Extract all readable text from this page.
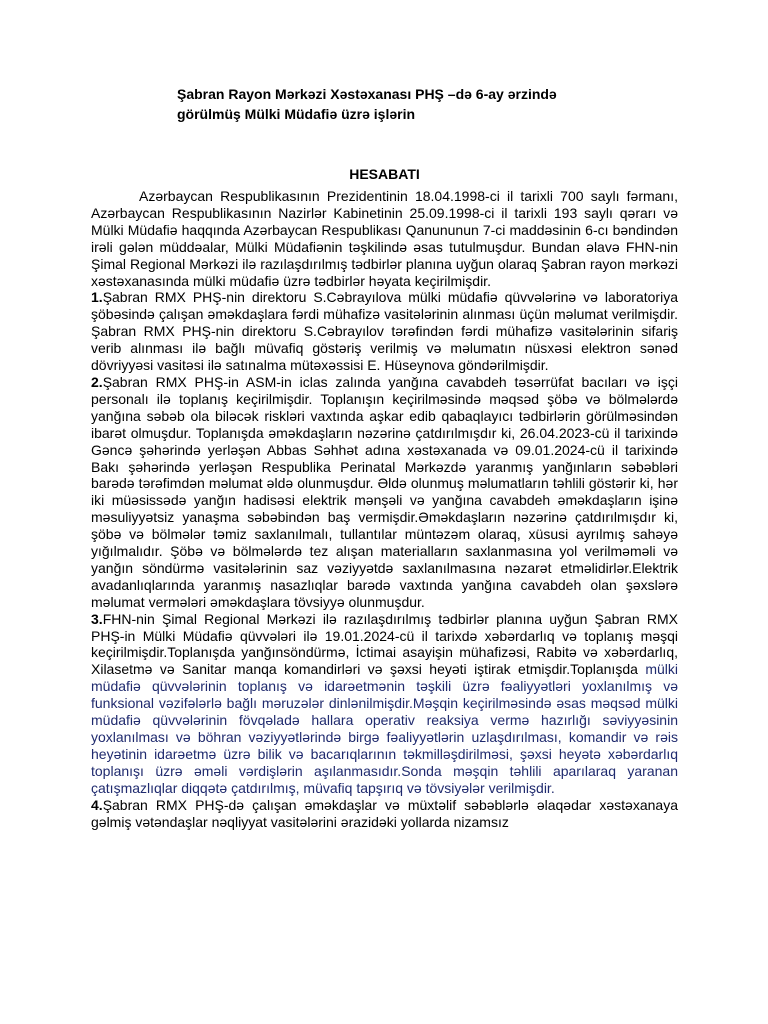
Şabran Rayon Mərkəzi Xəstəxanası PHŞ –də 6-ay ərzində
görülmüş Mülki Müdafiə üzrə işlərin
HESABATI

Azərbaycan Respublikasının Prezidentinin 18.04.1998-ci il tarixli 700 saylı fərmanı, Azərbaycan Respublikasının Nazirlər Kabinetinin 25.09.1998-ci il tarixli 193 saylı qərarı və Mülki Müdafiə haqqında Azərbaycan Respublikası Qanununun 7-ci maddəsinin 6-cı bəndindən irəli gələn müddəalar, Mülki Müdafiənin təşkilində əsas tutulmuşdur. Bundan əlavə FHN-nin Şimal Regional Mərkəzi ilə razılaşdırılmış tədbirlər planına uyğun olaraq Şabran rayon mərkəzi xəstəxanasında mülki müdafiə üzrə tədbirlər həyata keçirilmişdir.

1.Şabran RMX PHŞ-nin direktoru S.Cəbrayılova mülki müdafiə qüvvələrinə və laboratoriya şöbəsində çalışan əməkdaşlara fərdi mühafizə vasitələrinin alınması üçün məlumat verilmişdir. Şabran RMX PHŞ-nin direktoru S.Cəbrayılov tərəfindən fərdi mühafizə vasitələrinin sifariş verib alınması ilə bağlı müvafiq göstəriş verilmiş və məlumatın nüsxəsi elektron sənəd dövriyyəsi vasitəsi ilə satınalma mütəxəssisi E. Hüseynova göndərilmişdir.

2.Şabran RMX PHŞ-in ASM-in iclas zalında yanğına cavabdeh təsərrüfat bacıları və işçi personalı ilə toplanış keçirilmişdir. Toplanışın keçirilməsində məqsəd şöbə və bölmələrdə yanğına səbəb ola biləcək riskləri vaxtında aşkar edib qabaqlayıcı tədbirlərin görülməsindən ibarət olmuşdur. Toplanışda əməkdaşların nəzərinə çatdırılmışdır ki, 26.04.2023-cü il tarixində Gəncə şəhərində yerləşən Abbas Səhhət adına xəstəxanada və 09.01.2024-cü il tarixində Bakı şəhərində yerləşən Respublika Perinatal Mərkəzdə yaranmış yanğınların səbəbləri barədə tərəfimdən məlumat əldə olunmuşdur. Əldə olunmuş məlumatların təhlili göstərir ki, hər iki müəsissədə yanğın hadisəsi elektrik mənşəli və yanğına cavabdeh əməkdaşların işinə məsuliyyətsiz yanaşma səbəbindən baş vermişdir.Əməkdaşların nəzərinə çatdırılmışdır ki, şöbə və bölmələr təmiz saxlanılmalı, tullantılar müntəzəm olaraq, xüsusi ayrılmış sahəyə yığılmalıdır. Şöbə və bölmələrdə tez alışan materialların saxlanmasına yol verilməməli və yanğın söndürmə vasitələrinin saz vəziyyətdə saxlanılmasına nəzarət etməlidirlər.Elektrik avadanlıqlarında yaranmış nasazlıqlar barədə vaxtında yanğına cavabdeh olan şəxslərə məlumat vermələri əməkdaşlara tövsiyyə olunmuşdur.

3.FHN-nin Şimal Regional Mərkəzi ilə razılaşdırılmış tədbirlər planına uyğun Şabran RMX PHŞ-in Mülki Müdafiə qüvvələri ilə 19.01.2024-cü il tarixdə xəbərdarlıq və toplanış məşqi keçirilmişdir.Toplanışda yanğınsöndürmə, İctimai asayişin mühafizəsi, Rabitə və xəbərdarlıq, Xilasetmə və Sanitar manqa komandirləri və şəxsi heyəti iştirak etmişdir.Toplanışda mülki müdafiə qüvvələrinin toplanış və idarəetmənin təşkili üzrə fəaliyyətləri yoxlanılmış və funksional vəzifələrlə bağlı məruzələr dinlənilmişdir.Məşqin keçirilməsində əsas məqsəd mülki müdafiə qüvvələrinin fövqəladə hallara operativ reaksiya vermə hazırlığı səviyyəsinin yoxlanılması və böhran vəziyyətlərində birgə fəaliyyətlərin uzlaşdırılması, komandir və rəis heyətinin idarəetmə üzrə bilik və bacarıqlarının təkmilləşdirilməsi, şəxsi heyətə xəbərdarlıq toplanışı üzrə əməli vərdişlərin aşılanmasıdır.Sonda məşqin təhlili aparılaraq yaranan çatışmazlıqlar diqqətə çatdırılmış, müvafiq tapşırıq və tövsiyələr verilmişdir.

4.Şabran RMX PHŞ-də çalışan əməkdaşlar və müxtəlif səbəblərlə əlaqədar xəstəxanaya gəlmiş vətəndaşlar nəqliyyat vasitələrini ərazidəki yollarda nizamsız
